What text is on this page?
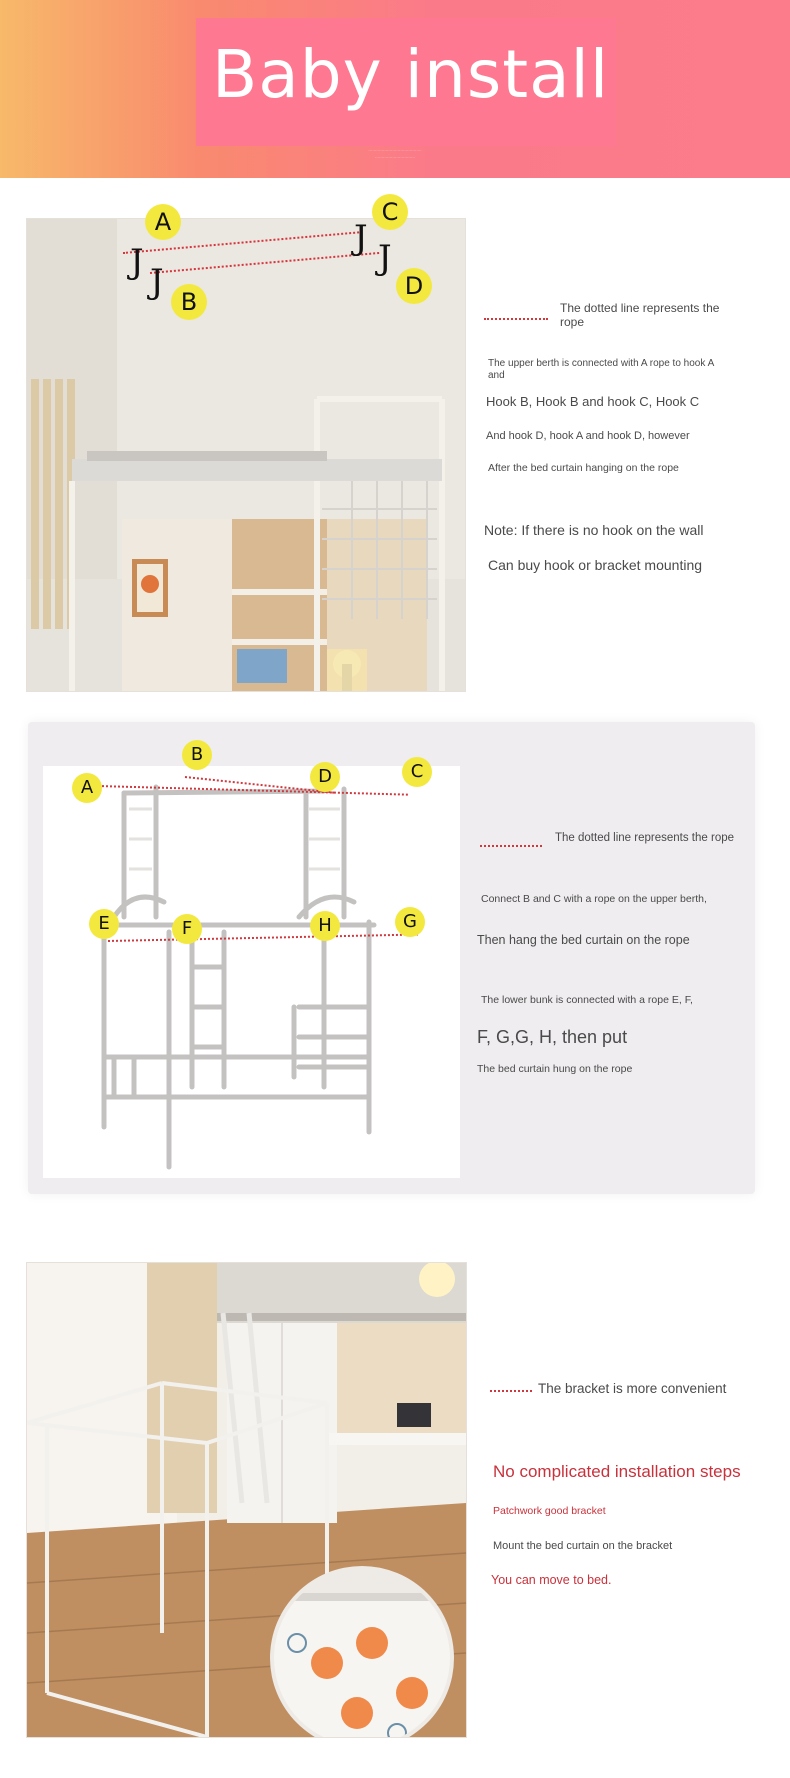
Baby install
········································
······························
A
B
C
D
J J
J J
The dotted line represents the rope
The upper berth is connected with A rope to hook A and
Hook B, Hook B and hook C, Hook C
And hook D, hook A and hook D, however
After the bed curtain hanging on the rope
Note: If there is no hook on the wall
Can buy hook or bracket mounting
A
B
C
D
E	F	G
H
The dotted line represents the rope
Connect B and C with a rope on the upper berth,
Then hang the bed curtain on the rope
The lower bunk is connected with a rope E, F,
F, G,G, H, then put
The bed curtain hung on the rope
The bracket is more convenient
No complicated installation steps
Patchwork good bracket
Mount the bed curtain on the bracket
You can move to bed.
